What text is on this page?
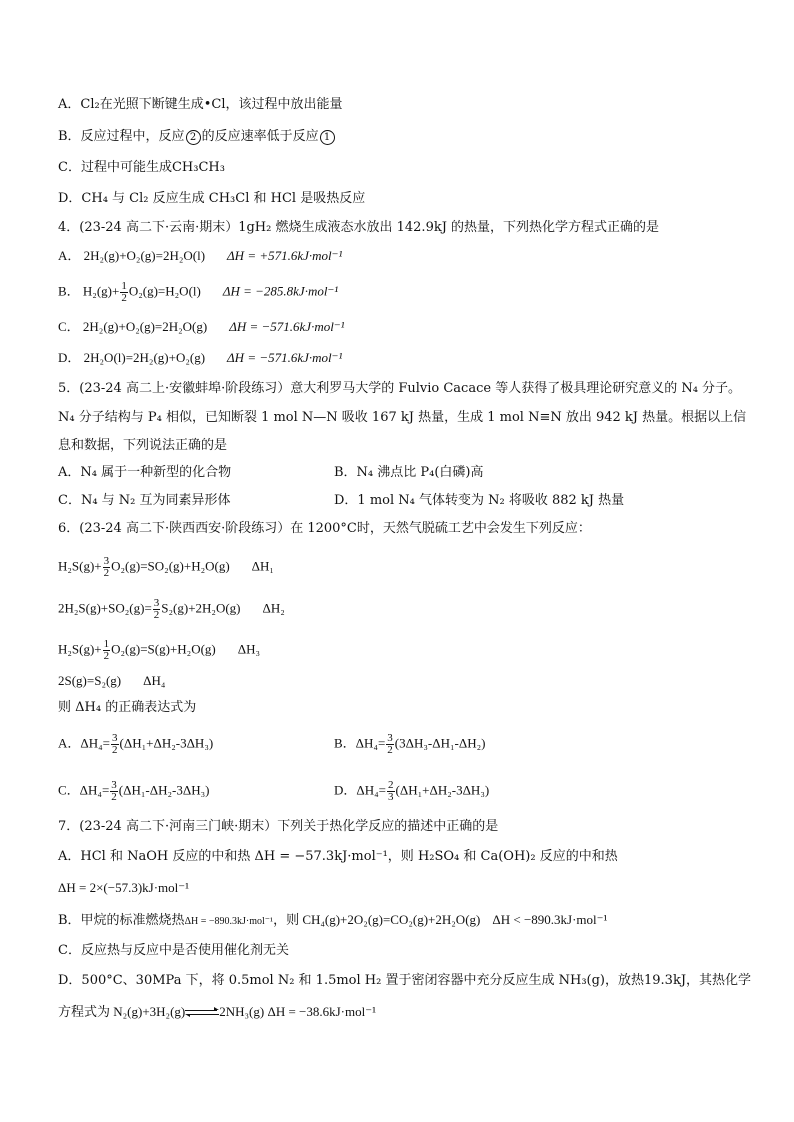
A．Cl₂在光照下断键生成•Cl，该过程中放出能量
B．反应过程中，反应 2 的反应速率低于反应 1
C．过程中可能生成CH₃CH₃
D．CH₄ 与 Cl₂ 反应生成 CH₃Cl 和 HCl 是吸热反应
4．(23-24 高二下·云南·期末）1gH₂ 燃烧生成液态水放出 142.9kJ 的热量，下列热化学方程式正确的是
A． 2H₂(g)+O₂(g)=2H₂O(l) ΔH = +571.6kJ·mol⁻¹
B． $H_2(g)+ \frac{1}{2} O_2(g)=H_2O(l) \Delta H = -285.8kJ\cdot mol^{-1}$
C． 2H₂(g)+O₂(g)=2H₂O(g) ΔH = −571.6kJ·mol⁻¹
D． 2H₂O(l)=2H₂(g)+O₂(g) ΔH = −571.6kJ·mol⁻¹
5．(23-24 高二上·安徽蚌埠·阶段练习）意大利罗马大学的 Fulvio Cacace 等人获得了极具理论研究意义的 N₄ 分子。
N₄ 分子结构与 P₄ 相似，已知断裂 1 mol N—N 吸收 167 kJ 热量，生成 1 mol N≡N 放出 942 kJ 热量。根据以上信
息和数据，下列说法正确的是
A．N₄ 属于一种新型的化合物	B．N₄ 沸点比 P₄(白磷)高
C．N₄ 与 N₂ 互为同素异形体	D．1 mol N₄ 气体转变为 N₂ 将吸收 882 kJ 热量
6．(23-24 高二下·陕西西安·阶段练习）在 1200°C时，天然气脱硫工艺中会发生下列反应：
$H_2S(g)+ \frac{3}{2} O_2(g)=SO_2(g)+H_2O(g)$ ΔH₁
$2H_2S(g)+SO_2(g)= \frac{3}{2} S_2(g)+2H_2O(g)$ ΔH₂
$H_2S(g)+ \frac{1}{2} O_2(g)=S(g)+H_2O(g)$ ΔH₃
2S(g)=S₂(g) ΔH₄
则 ΔH₄ 的正确表达式为
A．$\Delta H_4= \frac{3}{2} (\Delta H_1+\Delta H_2-3\Delta H_3)$	B．$\Delta H_4= \frac{3}{2} (3\Delta H_3-\Delta H_1-\Delta H_2)$
C．$\Delta H_4= \frac{3}{2} (\Delta H_1-\Delta H_2-3\Delta H_3)$	D．$\Delta H_4= \frac{2}{3} (\Delta H_1+\Delta H_2-3\Delta H_3)$
7．(23-24 高二下·河南三门峡·期末）下列关于热化学反应的描述中正确的是
A．HCl 和 NaOH 反应的中和热 ΔH = −57.3kJ·mol⁻¹，则 H₂SO₄ 和 Ca(OH)₂ 反应的中和热
ΔH = 2×(−57.3)kJ·mol⁻¹
B．甲烷的标准燃烧热ΔH = −890.3kJ·mol⁻¹，则 CH₄(g)+2O₂(g)=CO₂(g)+2H₂O(g) ΔH < −890.3kJ·mol⁻¹
C．反应热与反应中是否使用催化剂无关
D．500°C、30MPa 下，将 0.5mol N₂ 和 1.5mol H₂ 置于密闭容器中充分反应生成 NH₃(g)，放热19.3kJ，其热化学
方程式为 N₂(g)+3H₂(g)	2NH₃(g) ΔH = −38.6kJ·mol⁻¹
